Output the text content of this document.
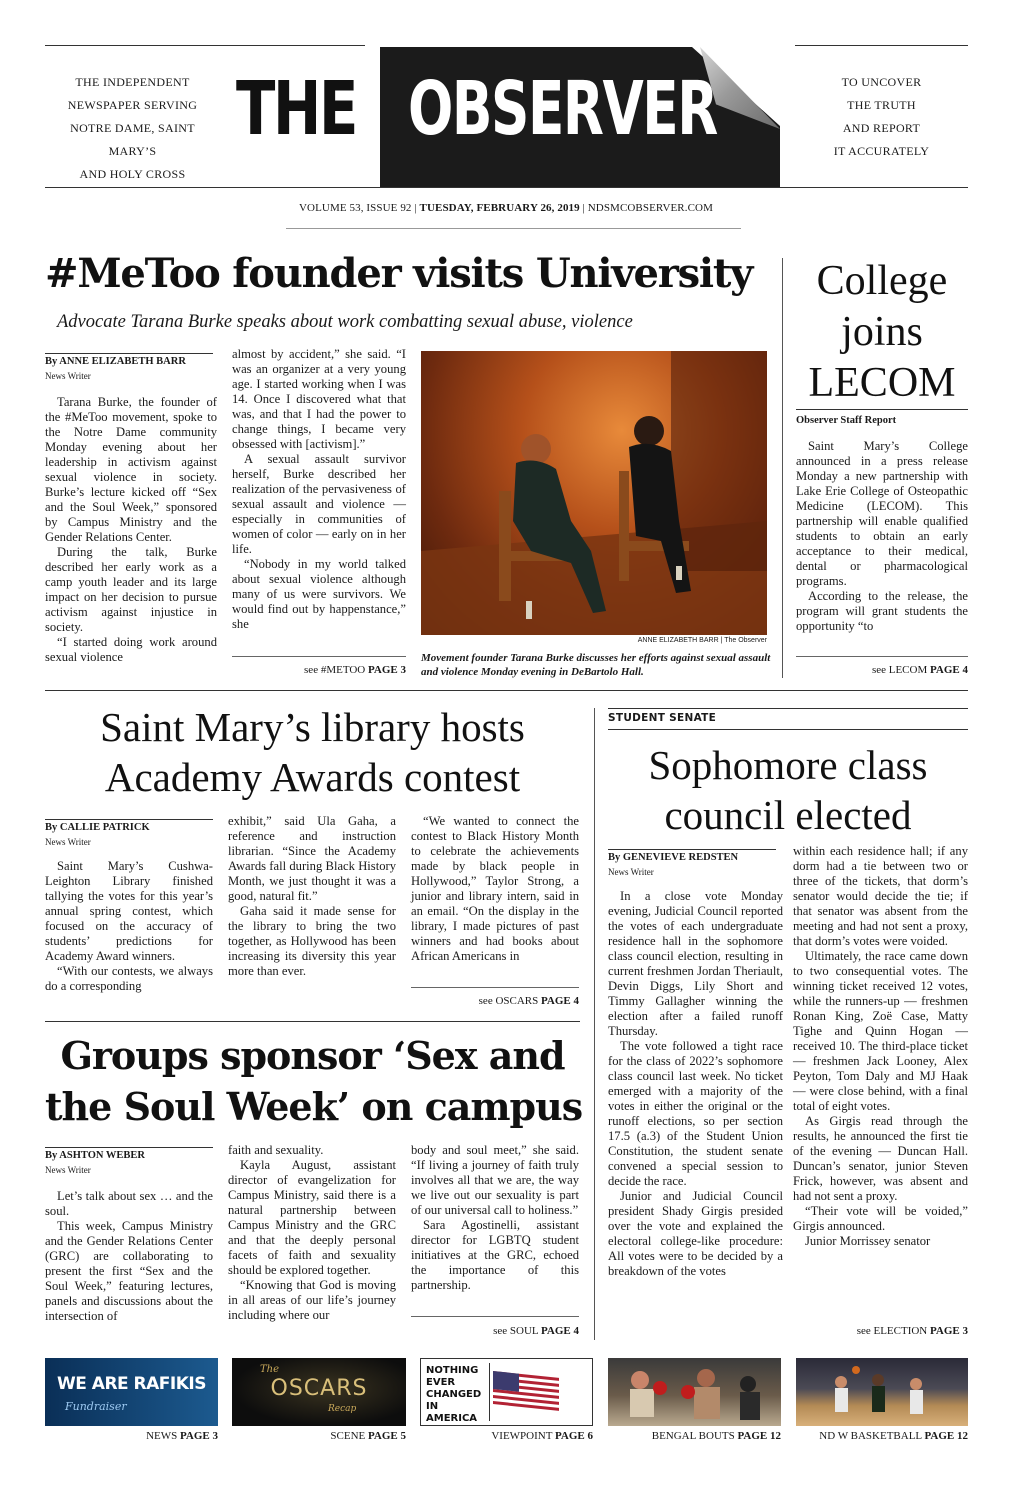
THE INDEPENDENT
NEWSPAPER SERVING
NOTRE DAME, SAINT MARY’S
AND HOLY CROSS
THE OBSERVER	TO UNCOVER
THE TRUTH
AND REPORT
IT ACCURATELY
VOLUME 53, ISSUE 92 | TUESDAY, FEBRUARY 26, 2019 | NDSMCOBSERVER.COM
#MeToo founder visits University
Advocate Tarana Burke speaks about work combatting sexual abuse, violence
By ANNE ELIZABETH BARR
News Writer

Tarana Burke, the founder of the #MeToo movement, spoke to the Notre Dame community Monday evening about her leadership in activism against sexual violence in society. Burke’s lecture kicked off “Sex and the Soul Week,” sponsored by Campus Ministry and the Gender Relations Center.

During the talk, Burke described her early work as a camp youth leader and its large impact on her decision to pursue activism against injustice in society.

“I started doing work around sexual violence

almost by accident,” she said. “I was an organizer at a very young age. I started working when I was 14. Once I discovered what that was, and that I had the power to change things, I became very obsessed with [activism].”

A sexual assault survivor herself, Burke described her realization of the pervasiveness of sexual assault and violence — especially in communities of women of color — early on in her life.

“Nobody in my world talked about sexual violence although many of us were survivors. We would find out by happenstance,” she

see #METOO PAGE 3
ANNE ELIZABETH BARR | The Observer
Movement founder Tarana Burke discusses her efforts against sexual assault and violence Monday evening in DeBartolo Hall.
College joins LECOM
Observer Staff Report

Saint Mary’s College announced in a press release Monday a new partnership with Lake Erie College of Osteopathic Medicine (LECOM). This partnership will enable qualified students to obtain an early acceptance to their medical, dental or pharmacological programs.

According to the release, the program will grant students the opportunity “to

see LECOM PAGE 4
Saint Mary’s library hosts Academy Awards contest
By CALLIE PATRICK
News Writer

Saint Mary’s Cushwa-Leighton Library finished tallying the votes for this year’s annual spring contest, which focused on the accuracy of students’ predictions for Academy Award winners.

“With our contests, we always do a corresponding

exhibit,” said Ula Gaha, a reference and instruction librarian. “Since the Academy Awards fall during Black History Month, we just thought it was a good, natural fit.”

Gaha said it made sense for the library to bring the two together, as Hollywood has been increasing its diversity this year more than ever.

“We wanted to connect the contest to Black History Month to celebrate the achievements made by black people in Hollywood,” Taylor Strong, a junior and library intern, said in an email. “On the display in the library, I made pictures of past winners and had books about African Americans in

see OSCARS PAGE 4
STUDENT SENATE
Sophomore class council elected
By GENEVIEVE REDSTEN
News Writer

In a close vote Monday evening, Judicial Council reported the votes of each undergraduate residence hall in the sophomore class council election, resulting in current freshmen Jordan Theriault, Devin Diggs, Lily Short and Timmy Gallagher winning the election after a failed runoff Thursday.

The vote followed a tight race for the class of 2022’s sophomore class council last week. No ticket emerged with a majority of the votes in either the original or the runoff elections, so per section 17.5 (a.3) of the Student Union Constitution, the student senate convened a special session to decide the race.

Junior and Judicial Council president Shady Girgis presided over the vote and explained the electoral college-like procedure: All votes were to be decided by a breakdown of the votes

within each residence hall; if any dorm had a tie between two or three of the tickets, that dorm’s senator would decide the tie; if that senator was absent from the meeting and had not sent a proxy, that dorm’s votes were voided.

Ultimately, the race came down to two consequential votes. The winning ticket received 12 votes, while the runners-up — freshmen Ronan King, Zoë Case, Matty Tighe and Quinn Hogan — received 10. The third-place ticket — freshmen Jack Looney, Alex Peyton, Tom Daly and MJ Haak — were close behind, with a final total of eight votes.

As Girgis read through the results, he announced the first tie of the evening — Duncan Hall. Duncan’s senator, junior Steven Frick, however, was absent and had not sent a proxy.

“Their vote will be voided,” Girgis announced.

Junior Morrissey senator

see ELECTION PAGE 3
Groups sponsor ‘Sex and
the Soul Week’ on campus
By ASHTON WEBER
News Writer

Let’s talk about sex … and the soul.

This week, Campus Ministry and the Gender Relations Center (GRC) are collaborating to present the first “Sex and the Soul Week,” featuring lectures, panels and discussions about the intersection of

faith and sexuality.

Kayla August, assistant director of evangelization for Campus Ministry, said there is a natural partnership between Campus Ministry and the GRC and that the deeply personal facets of faith and sexuality should be explored together.

“Knowing that God is moving in all areas of our life’s journey including where our

body and soul meet,” she said. “If living a journey of faith truly involves all that we are, the way we live out our sexuality is part of our universal call to holiness.”

Sara Agostinelli, assistant director for LGBTQ student initiatives at the GRC, echoed the importance of this partnership.

see SOUL PAGE 4
WE ARE RAFIKIS
Fundraiser
NEWS PAGE 3
The
OSCARS
Recap
SCENE PAGE 5
NOTHING EVER CHANGED IN AMERICA
VIEWPOINT PAGE 6	BENGAL BOUTS PAGE 12	ND W BASKETBALL PAGE 12
